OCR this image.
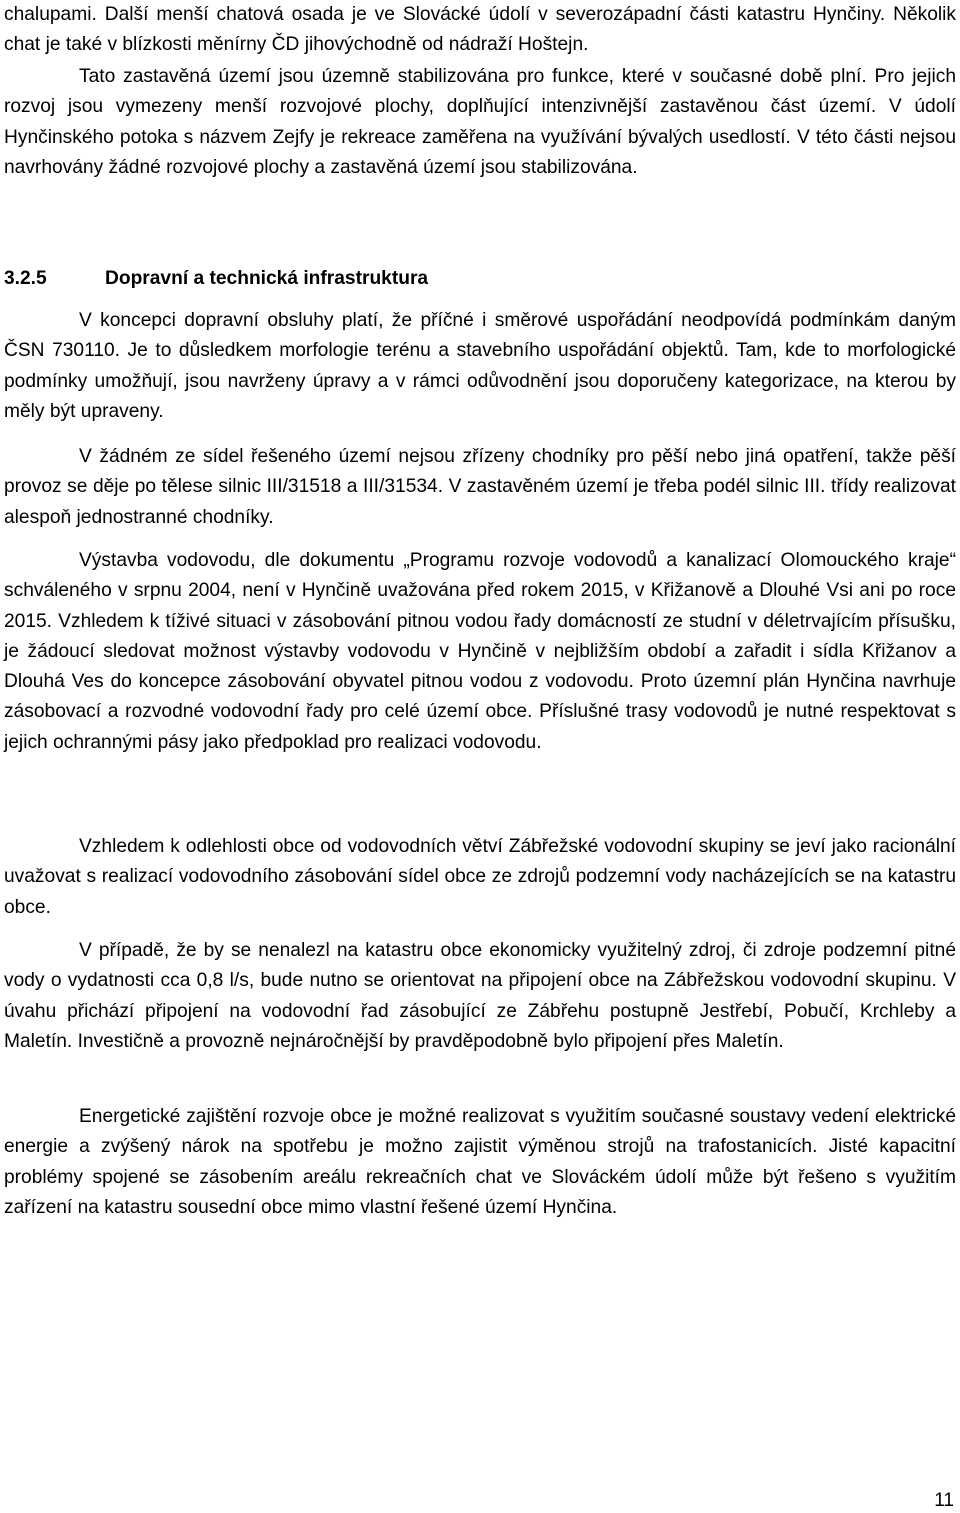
chalupami. Další menší chatová osada je ve Slovácké údolí v severozápadní části katastru Hynčiny. Několik chat je také v blízkosti měnírny ČD jihovýchodně od nádraží Hoštejn.

Tato zastavěná území jsou územně stabilizována pro funkce, které v současné době plní. Pro jejich rozvoj jsou vymezeny menší rozvojové plochy, doplňující intenzivnější zastavěnou část území. V údolí Hynčinského potoka s názvem Zejfy je rekreace zaměřena na využívání bývalých usedlostí. V této části nejsou navrhovány žádné rozvojové plochy a zastavěná území jsou stabilizována.

3.2.5	Dopravní a technická infrastruktura

V koncepci dopravní obsluhy platí, že příčné i směrové uspořádání neodpovídá podmínkám daným ČSN 730110. Je to důsledkem morfologie terénu a stavebního uspořádání objektů. Tam, kde to morfologické podmínky umožňují, jsou navrženy úpravy a v rámci odůvodnění jsou doporučeny kategorizace, na kterou by měly být upraveny.

V žádném ze sídel řešeného území nejsou zřízeny chodníky pro pěší nebo jiná opatření, takže pěší provoz se děje po tělese silnic III/31518 a III/31534. V zastavěném území je třeba podél silnic III. třídy realizovat alespoň jednostranné chodníky.

Výstavba vodovodu, dle dokumentu „Programu rozvoje vodovodů a kanalizací Olomouckého kraje“ schváleného v srpnu 2004, není v Hynčině uvažována před rokem 2015, v Křižanově a Dlouhé Vsi ani po roce 2015. Vzhledem k tíživé situaci v zásobování pitnou vodou řady domácností ze studní v déletrvajícím přísušku, je žádoucí sledovat možnost výstavby vodovodu v Hynčině v nejbližším období a zařadit i sídla Křižanov a Dlouhá Ves do koncepce zásobování obyvatel pitnou vodou z vodovodu. Proto územní plán Hynčina navrhuje zásobovací a rozvodné vodovodní řady pro celé území obce. Příslušné trasy vodovodů je nutné respektovat s jejich ochrannými pásy jako předpoklad pro realizaci vodovodu.

Vzhledem k odlehlosti obce od vodovodních větví Zábřežské vodovodní skupiny se jeví jako racionální uvažovat s realizací vodovodního zásobování sídel obce ze zdrojů podzemní vody nacházejících se na katastru obce.

V případě, že by se nenalezl na katastru obce ekonomicky využitelný zdroj, či zdroje podzemní pitné vody o vydatnosti cca 0,8 l/s, bude nutno se orientovat na připojení obce na Zábřežskou vodovodní skupinu. V úvahu přichází připojení na vodovodní řad zásobující ze Zábřehu postupně Jestřebí, Pobučí, Krchleby a Maletín. Investičně a provozně nejnáročnější by pravděpodobně bylo připojení přes Maletín.

Energetické zajištění rozvoje obce je možné realizovat s využitím současné soustavy vedení elektrické energie a zvýšený nárok na spotřebu je možno zajistit výměnou strojů na trafostanicích. Jisté kapacitní problémy spojené se zásobením areálu rekreačních chat ve Slováckém údolí může být řešeno s využitím zařízení na katastru sousední obce mimo vlastní řešené území Hynčina.

11
